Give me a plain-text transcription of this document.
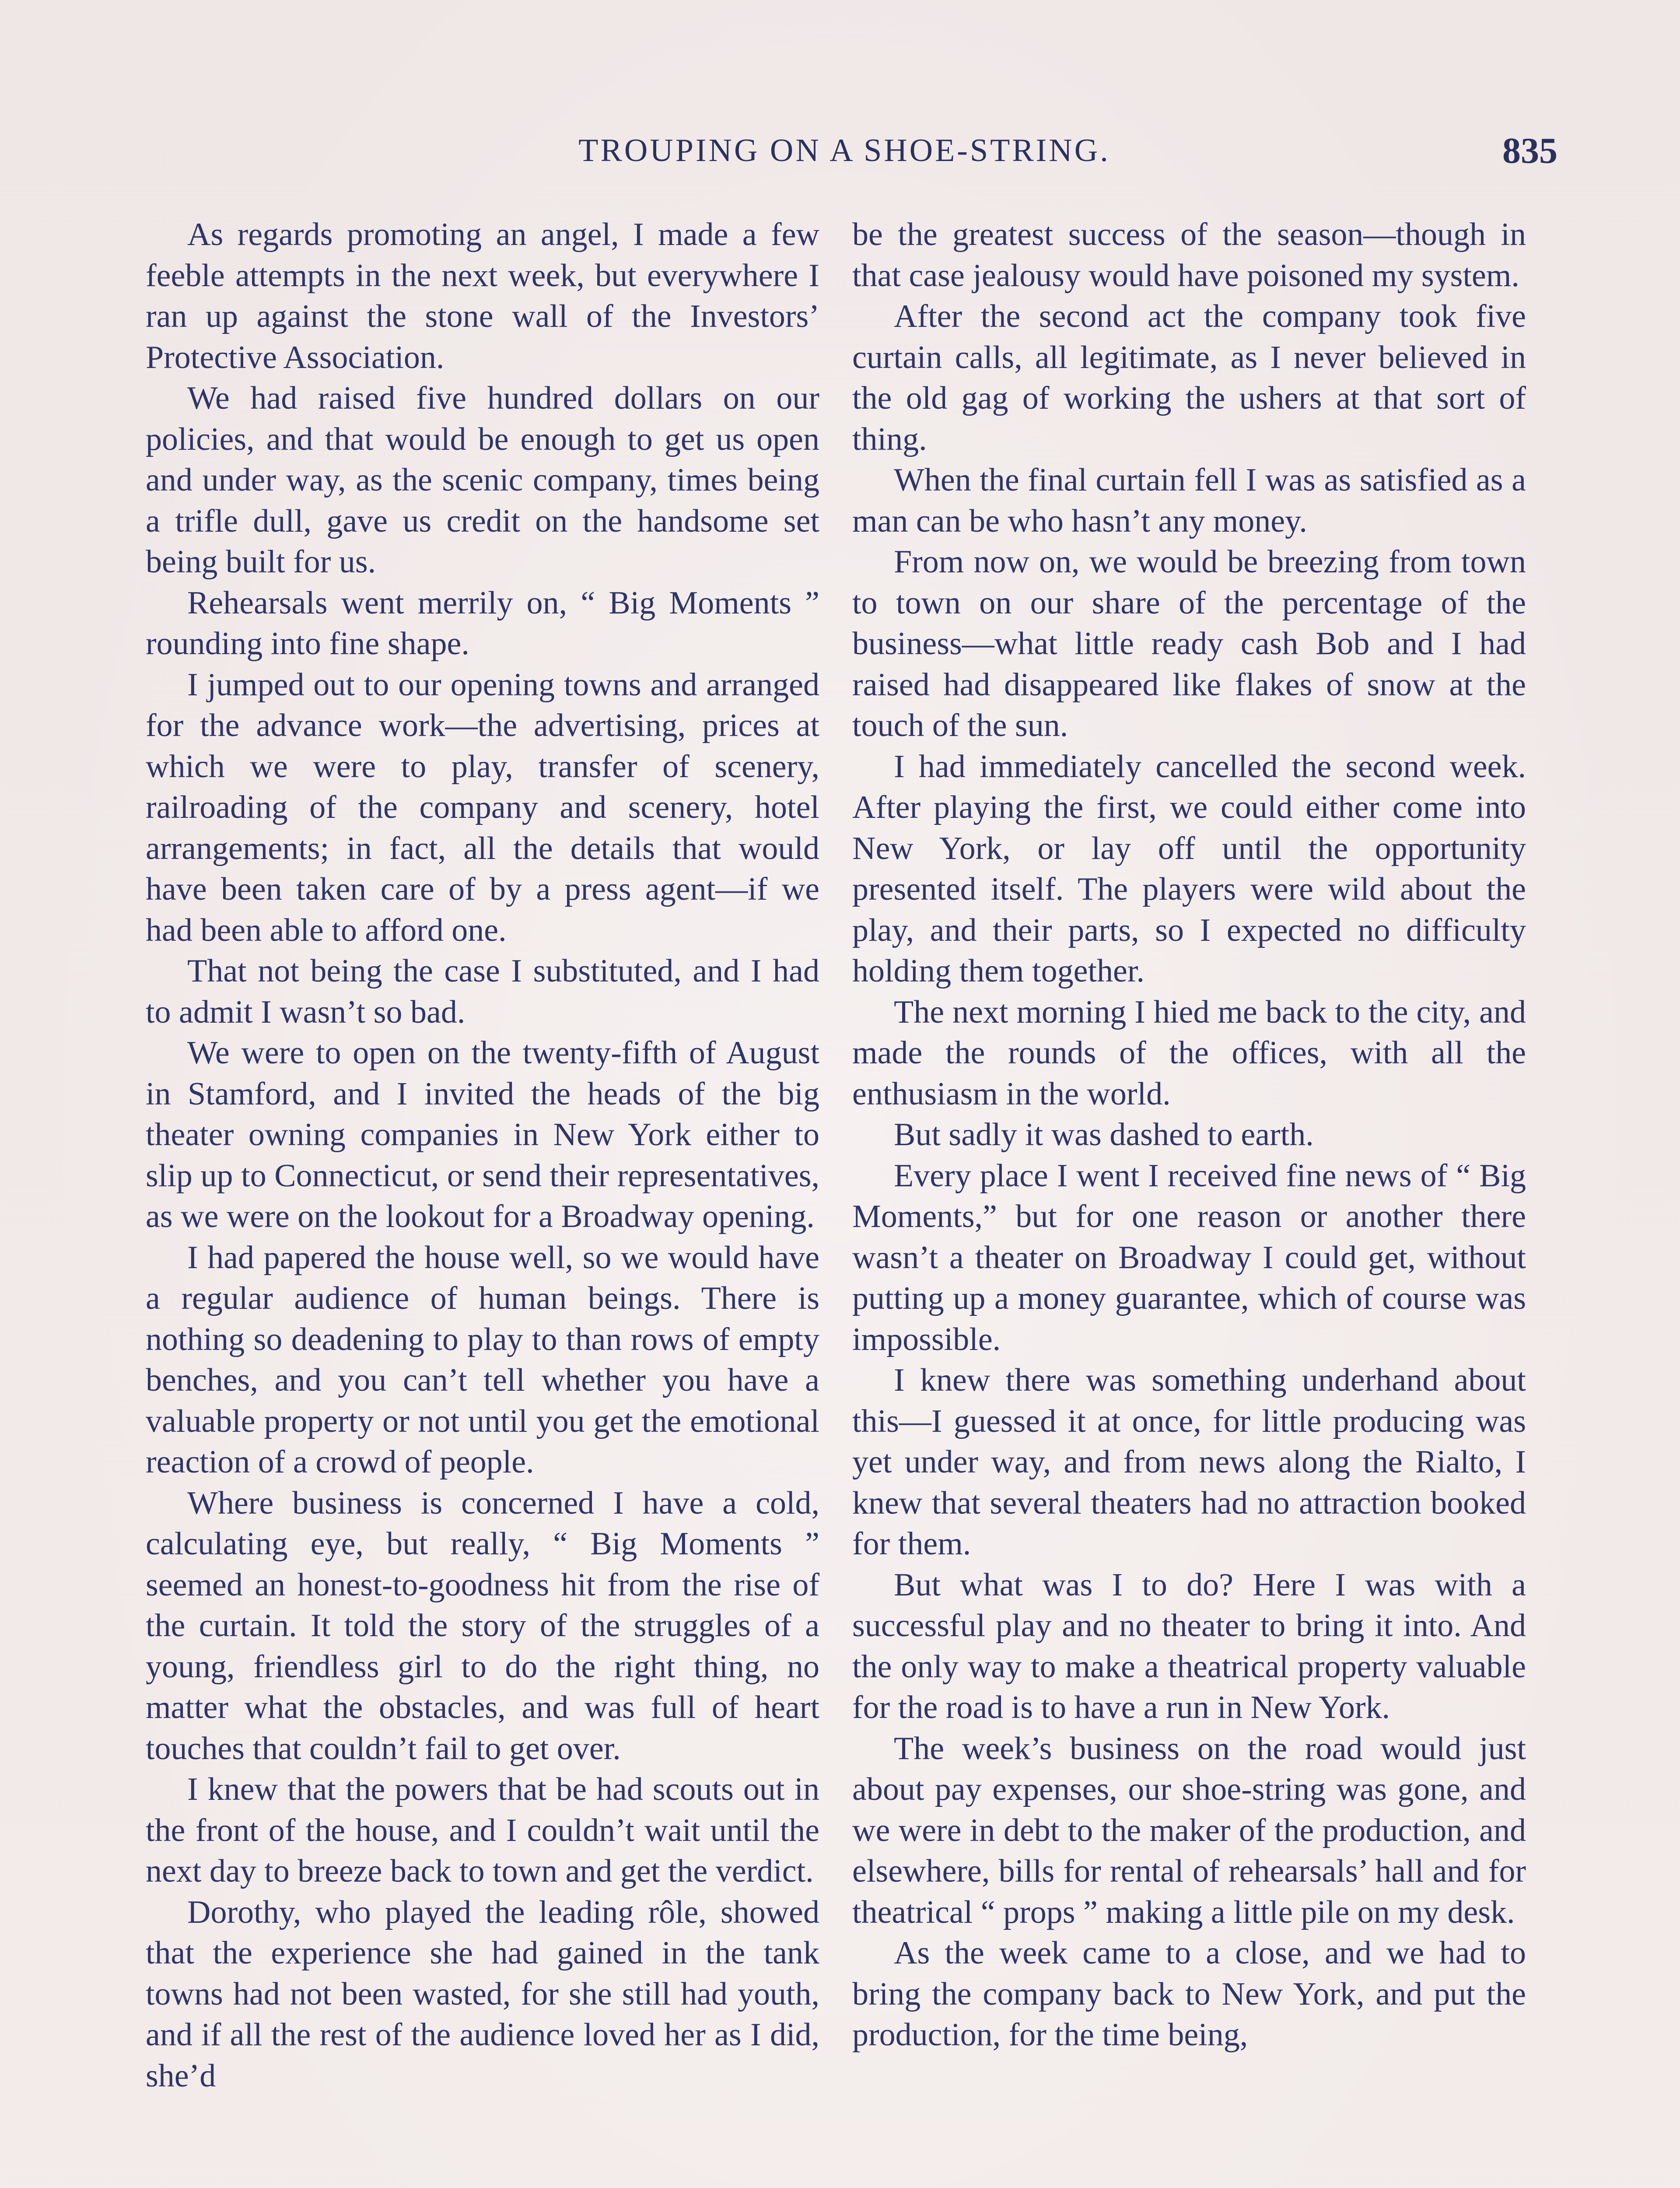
TROUPING ON A SHOE-STRING.	835

As regards promoting an angel, I made a few feeble attempts in the next week, but everywhere I ran up against the stone wall of the Investors’ Protective Association.

We had raised five hundred dollars on our policies, and that would be enough to get us open and under way, as the scenic company, times being a trifle dull, gave us credit on the handsome set being built for us.

Rehearsals went merrily on, “ Big Moments ” rounding into fine shape.

I jumped out to our opening towns and arranged for the advance work—the advertising, prices at which we were to play, transfer of scenery, railroading of the company and scenery, hotel arrangements; in fact, all the details that would have been taken care of by a press agent—if we had been able to afford one.

That not being the case I substituted, and I had to admit I wasn’t so bad.

We were to open on the twenty-fifth of August in Stamford, and I invited the heads of the big theater owning companies in New York either to slip up to Connecticut, or send their representatives, as we were on the lookout for a Broadway opening.

I had papered the house well, so we would have a regular audience of human beings. There is nothing so deadening to play to than rows of empty benches, and you can’t tell whether you have a valuable property or not until you get the emotional reaction of a crowd of people.

Where business is concerned I have a cold, calculating eye, but really, “ Big Moments ” seemed an honest-to-goodness hit from the rise of the curtain. It told the story of the struggles of a young, friendless girl to do the right thing, no matter what the obstacles, and was full of heart touches that couldn’t fail to get over.

I knew that the powers that be had scouts out in the front of the house, and I couldn’t wait until the next day to breeze back to town and get the verdict.

Dorothy, who played the leading rôle, showed that the experience she had gained in the tank towns had not been wasted, for she still had youth, and if all the rest of the audience loved her as I did, she’d

be the greatest success of the season—though in that case jealousy would have poisoned my system.

After the second act the company took five curtain calls, all legitimate, as I never believed in the old gag of working the ushers at that sort of thing.

When the final curtain fell I was as satisfied as a man can be who hasn’t any money.

From now on, we would be breezing from town to town on our share of the percentage of the business—what little ready cash Bob and I had raised had disappeared like flakes of snow at the touch of the sun.

I had immediately cancelled the second week. After playing the first, we could either come into New York, or lay off until the opportunity presented itself. The players were wild about the play, and their parts, so I expected no difficulty holding them together.

The next morning I hied me back to the city, and made the rounds of the offices, with all the enthusiasm in the world.

But sadly it was dashed to earth.

Every place I went I received fine news of “ Big Moments,” but for one reason or another there wasn’t a theater on Broadway I could get, without putting up a money guarantee, which of course was impossible.

I knew there was something underhand about this—I guessed it at once, for little producing was yet under way, and from news along the Rialto, I knew that several theaters had no attraction booked for them.

But what was I to do? Here I was with a successful play and no theater to bring it into. And the only way to make a theatrical property valuable for the road is to have a run in New York.

The week’s business on the road would just about pay expenses, our shoe-string was gone, and we were in debt to the maker of the production, and elsewhere, bills for rental of rehearsals’ hall and for theatrical “ props ” making a little pile on my desk.

As the week came to a close, and we had to bring the company back to New York, and put the production, for the time being,
